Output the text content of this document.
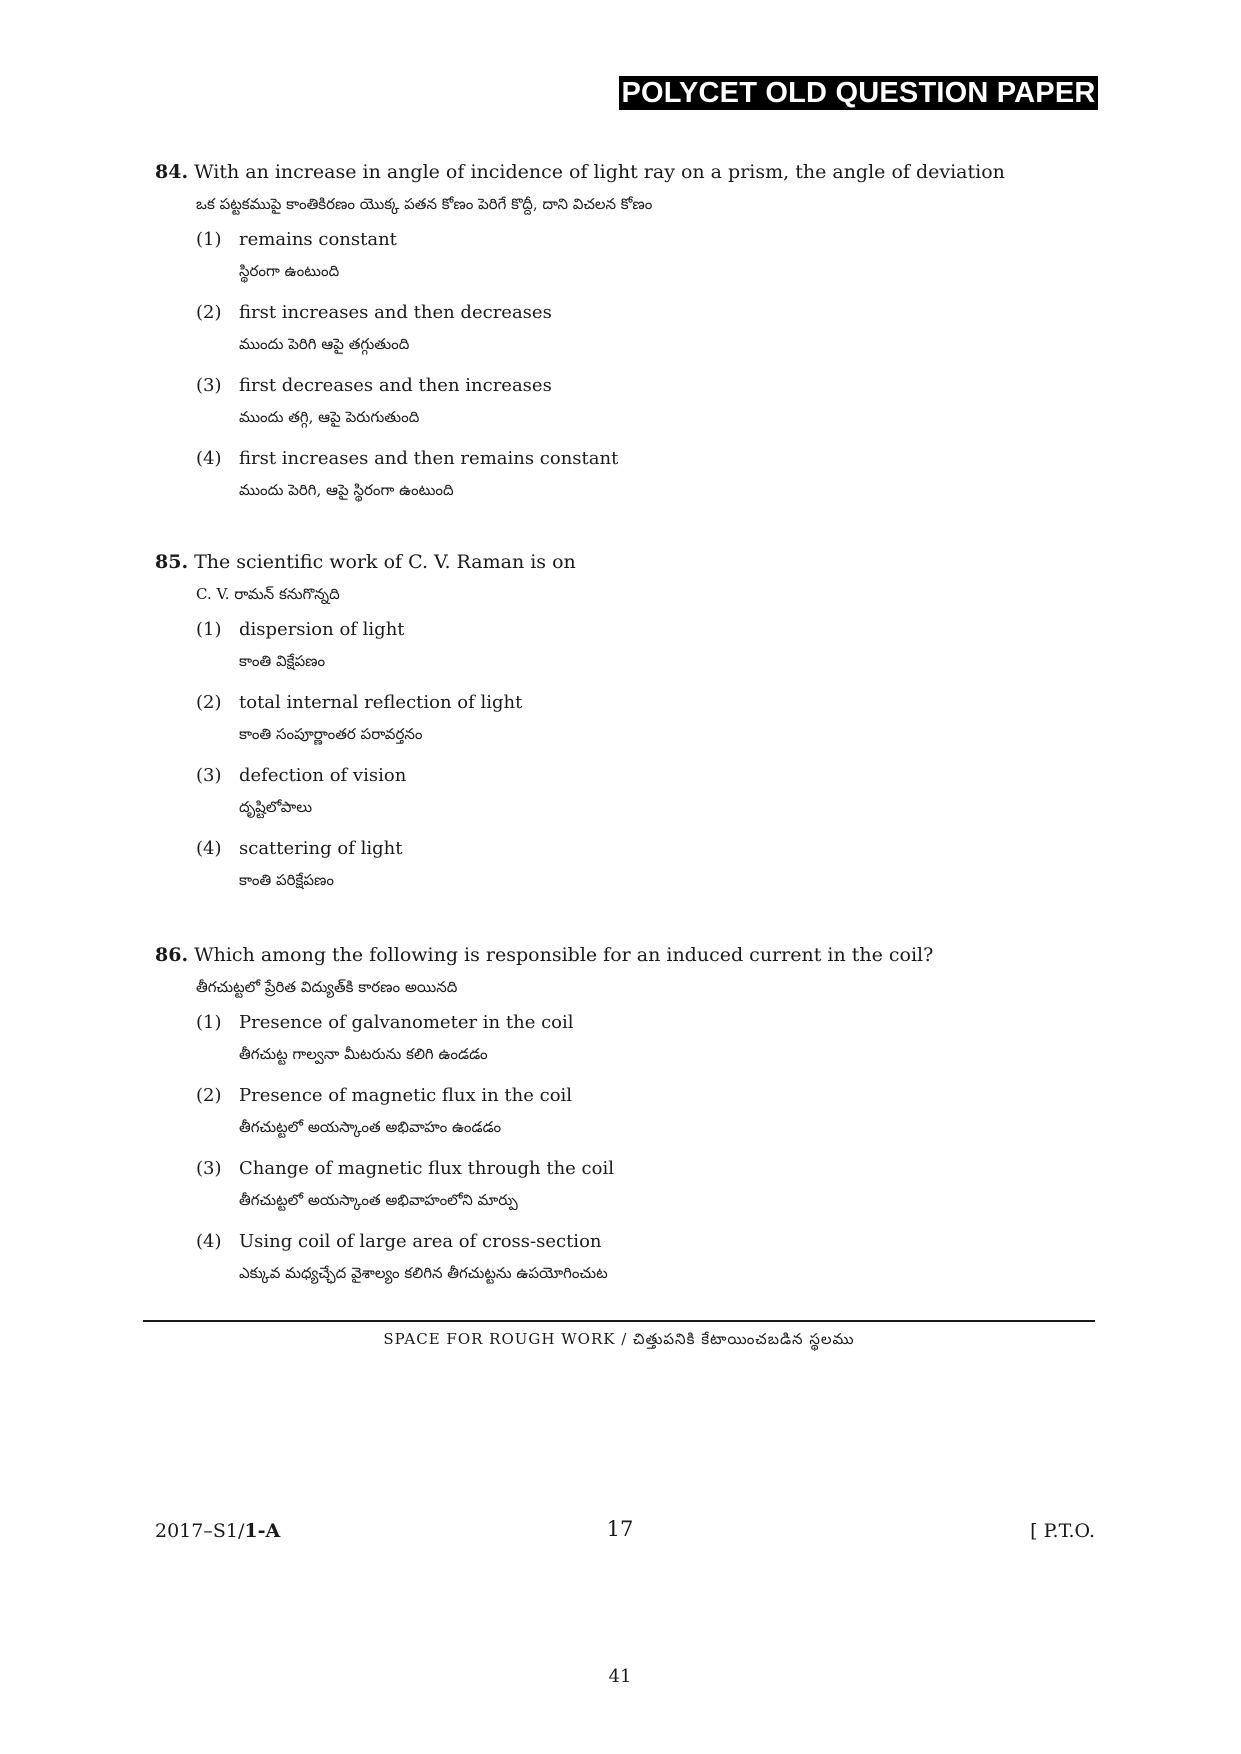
POLYCET OLD QUESTION PAPER
84. With an increase in angle of incidence of light ray on a prism, the angle of deviation
ఒక పట్టకముపై కాంతికిరణం యొక్క పతన కోణం పెరిగే కొద్దీ, దాని విచలన కోణం
(1) remains constant
స్థిరంగా ఉంటుంది
(2) first increases and then decreases
ముందు పెరిగి ఆపై తగ్గుతుంది
(3) first decreases and then increases
ముందు తగ్గి, ఆపై పెరుగుతుంది
(4) first increases and then remains constant
ముందు పెరిగి, ఆపై స్థిరంగా ఉంటుంది
85. The scientific work of C. V. Raman is on
C. V. రామన్ కనుగొన్నది
(1) dispersion of light
కాంతి విక్షేపణం
(2) total internal reflection of light
కాంతి సంపూర్ణాంతర పరావర్తనం
(3) defection of vision
దృష్టిలోపాలు
(4) scattering of light
కాంతి పరిక్షేపణం
86. Which among the following is responsible for an induced current in the coil?
తీగచుట్టలో ప్రేరిత విద్యుత్‌కి కారణం అయినది
(1) Presence of galvanometer in the coil
తీగచుట్ట గాల్వనా మీటరును కలిగి ఉండడం
(2) Presence of magnetic flux in the coil
తీగచుట్టలో అయస్కాంత అభివాహం ఉండడం
(3) Change of magnetic flux through the coil
తీగచుట్టలో అయస్కాంత అభివాహంలోని మార్పు
(4) Using coil of large area of cross-section
ఎక్కువ మధ్యచ్ఛేద వైశాల్యం కలిగిన తీగచుట్టను ఉపయోగించుట
SPACE FOR ROUGH WORK / చిత్తుపనికి కేటాయించబడిన స్థలము
2017–S1/1-A	17	[ P.T.O.
41
